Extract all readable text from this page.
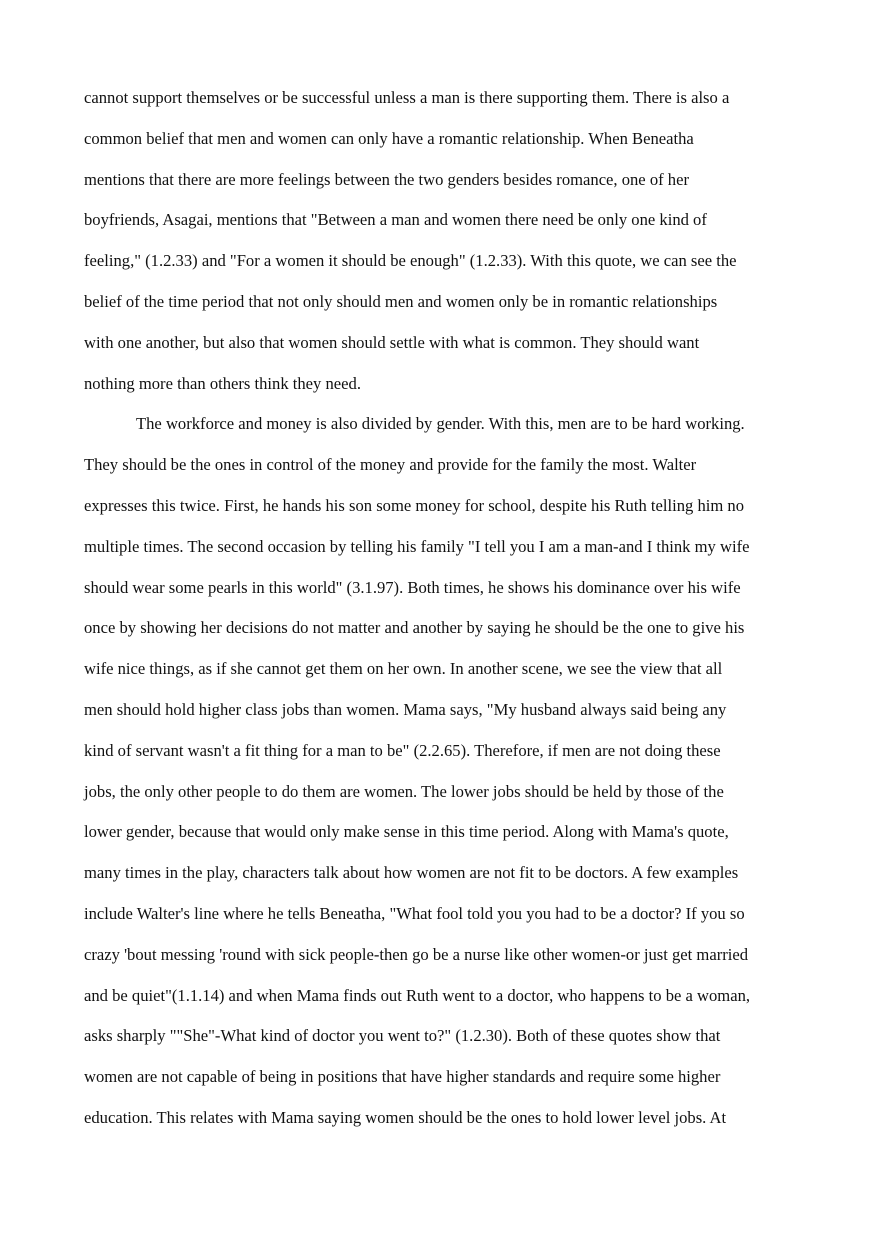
cannot support themselves or be successful unless a man is there supporting them. There is also a
common belief that men and women can only have a romantic relationship. When Beneatha
mentions that there are more feelings between the two genders besides romance, one of her
boyfriends, Asagai, mentions that "Between a man and women there need be only one kind of
feeling," (1.2.33) and "For a women it should be enough" (1.2.33). With this quote, we can see the
belief of the time period that not only should men and women only be in romantic relationships
with one another, but also that women should settle with what is common. They should want
nothing more than others think they need.
The workforce and money is also divided by gender. With this, men are to be hard working.
They should be the ones in control of the money and provide for the family the most. Walter
expresses this twice. First, he hands his son some money for school, despite his Ruth telling him no
multiple times. The second occasion by telling his family "I tell you I am a man-and I think my wife
should wear some pearls in this world" (3.1.97). Both times, he shows his dominance over his wife
once by showing her decisions do not matter and another by saying he should be the one to give his
wife nice things, as if she cannot get them on her own. In another scene, we see the view that all
men should hold higher class jobs than women. Mama says, "My husband always said being any
kind of servant wasn't a fit thing for a man to be" (2.2.65). Therefore, if men are not doing these
jobs, the only other people to do them are women. The lower jobs should be held by those of the
lower gender, because that would only make sense in this time period. Along with Mama's quote,
many times in the play, characters talk about how women are not fit to be doctors. A few examples
include Walter's line where he tells Beneatha, "What fool told you you had to be a doctor? If you so
crazy 'bout messing 'round with sick people-then go be a nurse like other women-or just get married
and be quiet"(1.1.14) and when Mama finds out Ruth went to a doctor, who happens to be a woman,
asks sharply ""She"-What kind of doctor you went to?" (1.2.30). Both of these quotes show that
women are not capable of being in positions that have higher standards and require some higher
education. This relates with Mama saying women should be the ones to hold lower level jobs. At
